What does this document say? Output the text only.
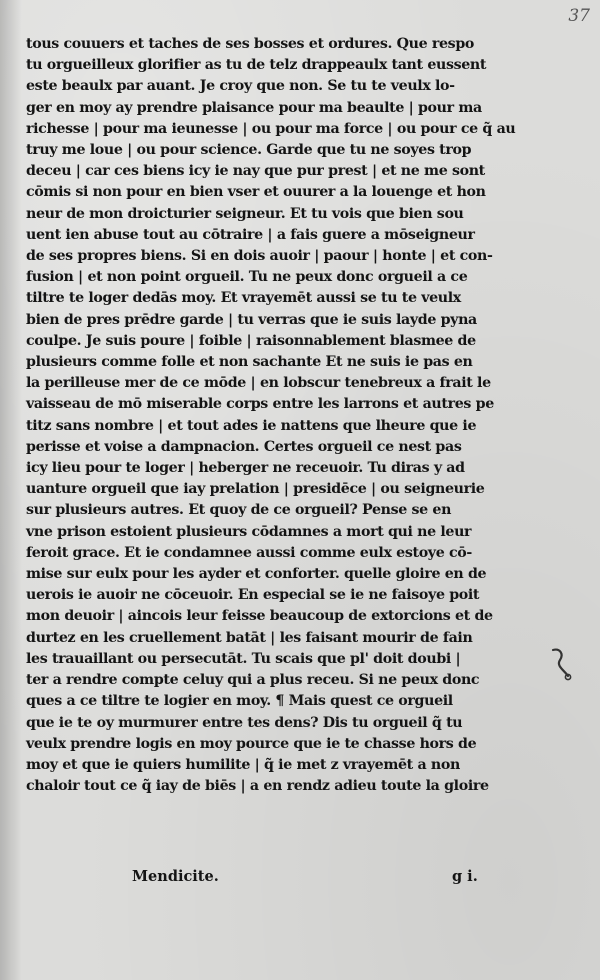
37
tous couuers et taches de ses bosses et ordures. Que respo
tu orgueilleux glorifier as tu de telz drappeaulx tant eussent
este beaulx par auant. Je croy que non. Se tu te veulx lo-
ger en moy ay prendre plaisance pour ma beaulte | pour ma
richesse | pour ma ieunesse | ou pour ma force | ou pour ce q̃ au
truy me loue | ou pour science. Garde que tu ne soyes trop
deceu | car ces biens icy ie nay que pur prest | et ne me sont
cōmis si non pour en bien vser et ouurer a la louenge et hon
neur de mon droicturier seigneur. Et tu vois que bien sou
uent ien abuse tout au cōtraire | a fais guere a mōseigneur
de ses propres biens. Si en dois auoir | paour | honte | et con-
fusion | et non point orgueil. Tu ne peux donc orgueil a ce
tiltre te loger dedās moy. Et vrayemēt aussi se tu te veulx
bien de pres prēdre garde | tu verras que ie suis layde pyna
coulpe. Je suis poure | foible | raisonnablement blasmee de
plusieurs comme folle et non sachante Et ne suis ie pas en
la perilleuse mer de ce mōde | en lobscur tenebreux a frait le
vaisseau de mō miserable corps entre les larrons et autres pe
titz sans nombre | et tout ades ie nattens que lheure que ie
perisse et voise a dampnacion. Certes orgueil ce nest pas
icy lieu pour te loger | heberger ne receuoir. Tu diras y ad
uanture orgueil que iay prelation | presidēce | ou seigneurie
sur plusieurs autres. Et quoy de ce orgueil? Pense se en
vne prison estoient plusieurs cōdamnes a mort qui ne leur
feroit grace. Et ie condamnee aussi comme eulx estoye cō-
mise sur eulx pour les ayder et conforter. quelle gloire en de
uerois ie auoir ne cōceuoir. En especial se ie ne faisoye poit
mon deuoir | aincois leur feisse beaucoup de extorcions et de
durtez en les cruellement batāt | les faisant mourir de fain
les trauaillant ou persecutāt. Tu scais que pl' doit doubi |
ter a rendre compte celuy qui a plus receu. Si ne peux donc
ques a ce tiltre te logier en moy. ¶ Mais quest ce orgueil
que ie te oy murmurer entre tes dens? Dis tu orgueil q̃ tu
veulx prendre logis en moy pource que ie te chasse hors de
moy et que ie quiers humilite | q̃ ie met z vrayemēt a non
chaloir tout ce q̃ iay de biēs | a en rendz adieu toute la gloire
Mendicite.	g i.
